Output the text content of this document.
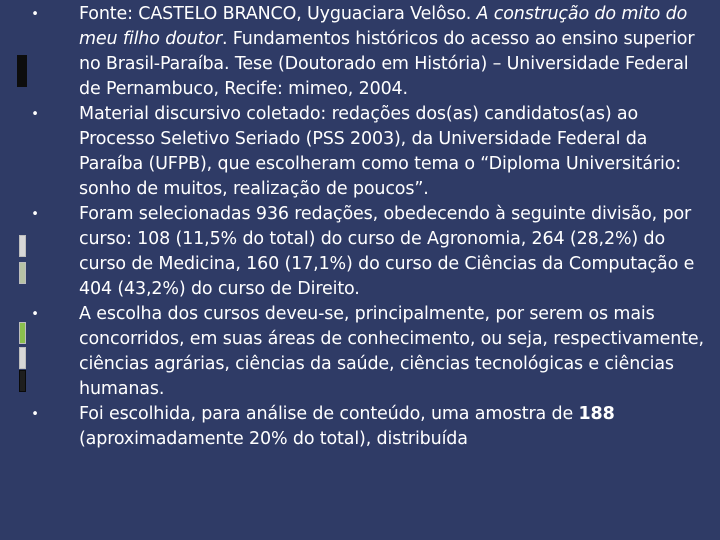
• Fonte: CASTELO BRANCO, Uyguaciara Velôso. A construção do mito do meu filho doutor. Fundamentos históricos do acesso ao ensino superior no Brasil-Paraíba. Tese (Doutorado em História) – Universidade Federal de Pernambuco, Recife: mimeo, 2004.
• Material discursivo coletado: redações dos(as) candidatos(as) ao Processo Seletivo Seriado (PSS 2003), da Universidade Federal da Paraíba (UFPB), que escolheram como tema o “Diploma Universitário: sonho de muitos, realização de poucos”.
• Foram selecionadas 936 redações, obedecendo à seguinte divisão, por curso: 108 (11,5% do total) do curso de Agronomia, 264 (28,2%) do curso de Medicina, 160 (17,1%) do curso de Ciências da Computação e 404 (43,2%) do curso de Direito.
• A escolha dos cursos deveu-se, principalmente, por serem os mais concorridos, em suas áreas de conhecimento, ou seja, respectivamente, ciências agrárias, ciências da saúde, ciências tecnológicas e ciências humanas.
• Foi escolhida, para análise de conteúdo, uma amostra de 188 (aproximadamente 20% do total), distribuída
